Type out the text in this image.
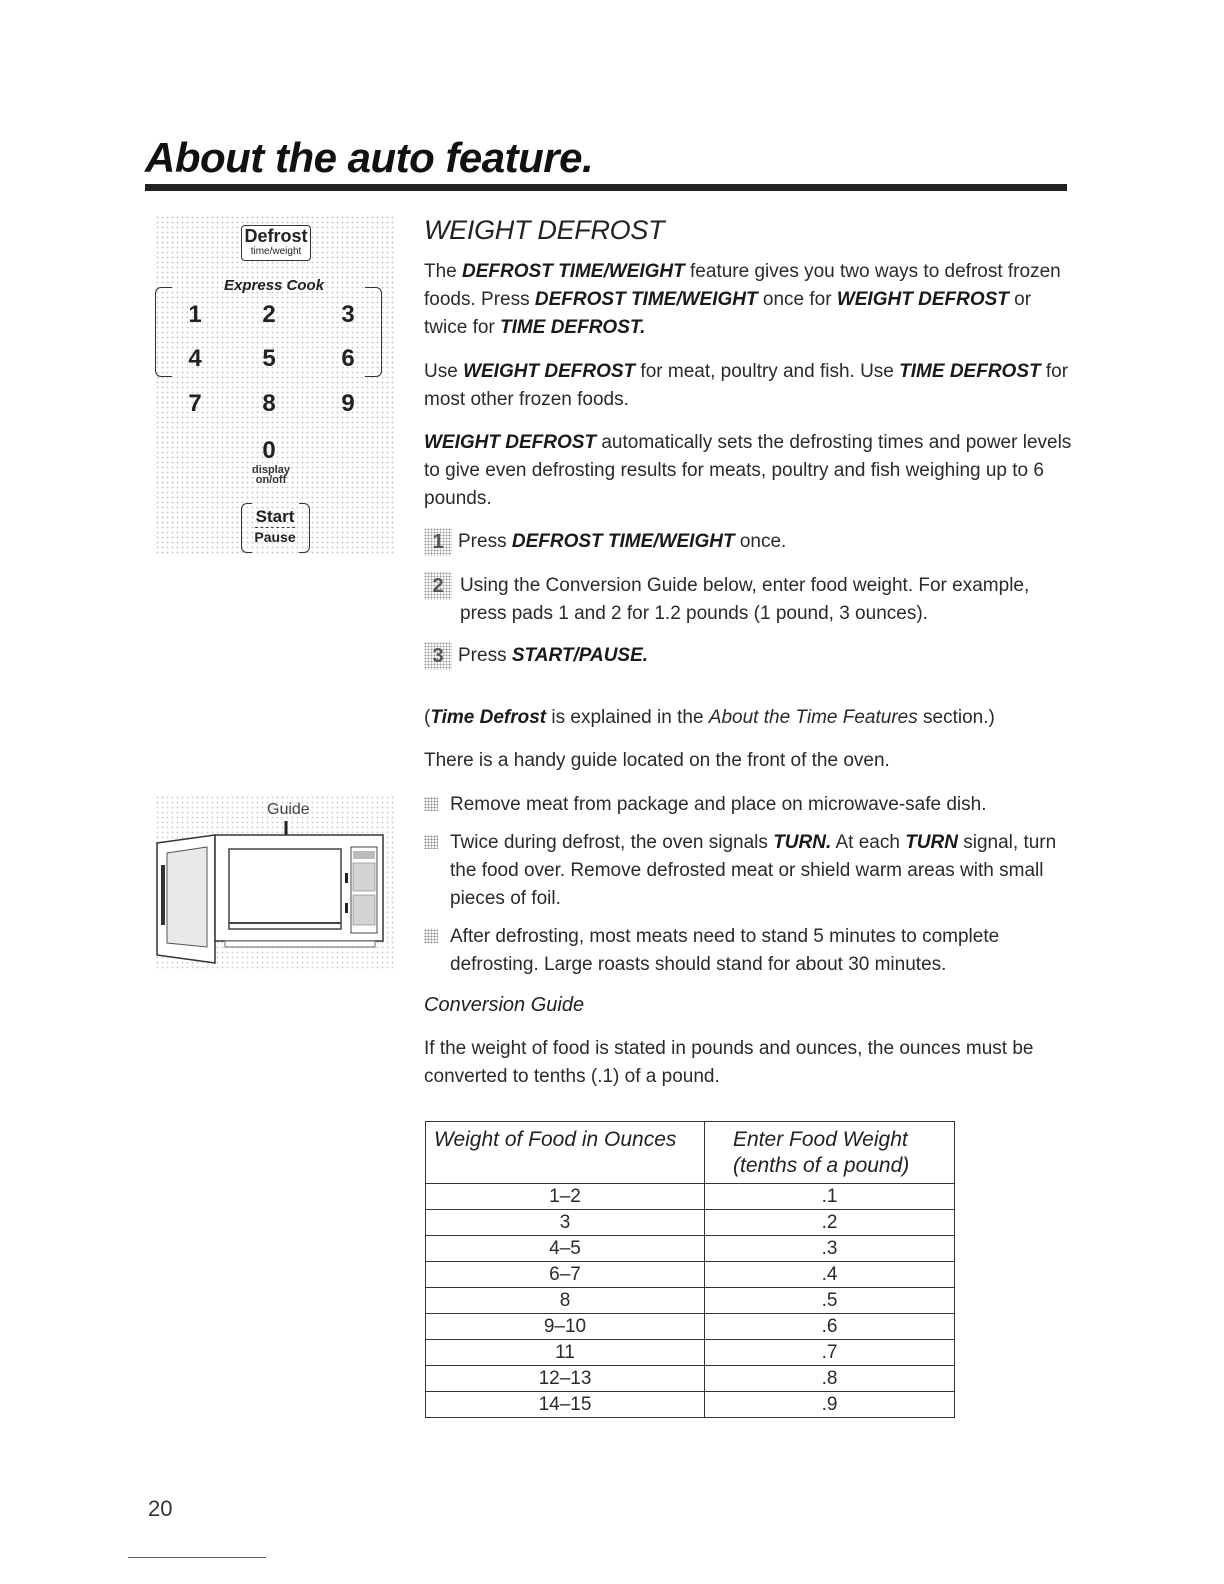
About the auto feature.
Defrost
time/weight
Express Cook
1	2	3
4	5	6
7	8	9
0
display
on/off
Start
Pause
WEIGHT DEFROST
The DEFROST TIME/WEIGHT feature gives you two ways to defrost frozen foods. Press DEFROST TIME/WEIGHT once for WEIGHT DEFROST or twice for TIME DEFROST.
Use WEIGHT DEFROST for meat, poultry and fish. Use TIME DEFROST for most other frozen foods.
WEIGHT DEFROST automatically sets the defrosting times and power levels to give even defrosting results for meats, poultry and fish weighing up to 6 pounds.
1 Press DEFROST TIME/WEIGHT once.
2 Using the Conversion Guide below, enter food weight. For example, press pads 1 and 2 for 1.2 pounds (1 pound, 3 ounces).
3 Press START/PAUSE.
(Time Defrost is explained in the About the Time Features section.)
There is a handy guide located on the front of the oven.
Guide	Remove meat from package and place on microwave-safe dish.
Twice during defrost, the oven signals TURN. At each TURN signal, turn the food over. Remove defrosted meat or shield warm areas with small pieces of foil.
After defrosting, most meats need to stand 5 minutes to complete defrosting. Large roasts should stand for about 30 minutes.
Conversion Guide
If the weight of food is stated in pounds and ounces, the ounces must be converted to tenths (.1) of a pound.
Weight of Food in Ounces	Enter Food Weight
(tenths of a pound)

1–2	.1
3	.2
4–5	.3
6–7	.4
8	.5
9–10	.6
11	.7
12–13	.8
14–15	.9
20
